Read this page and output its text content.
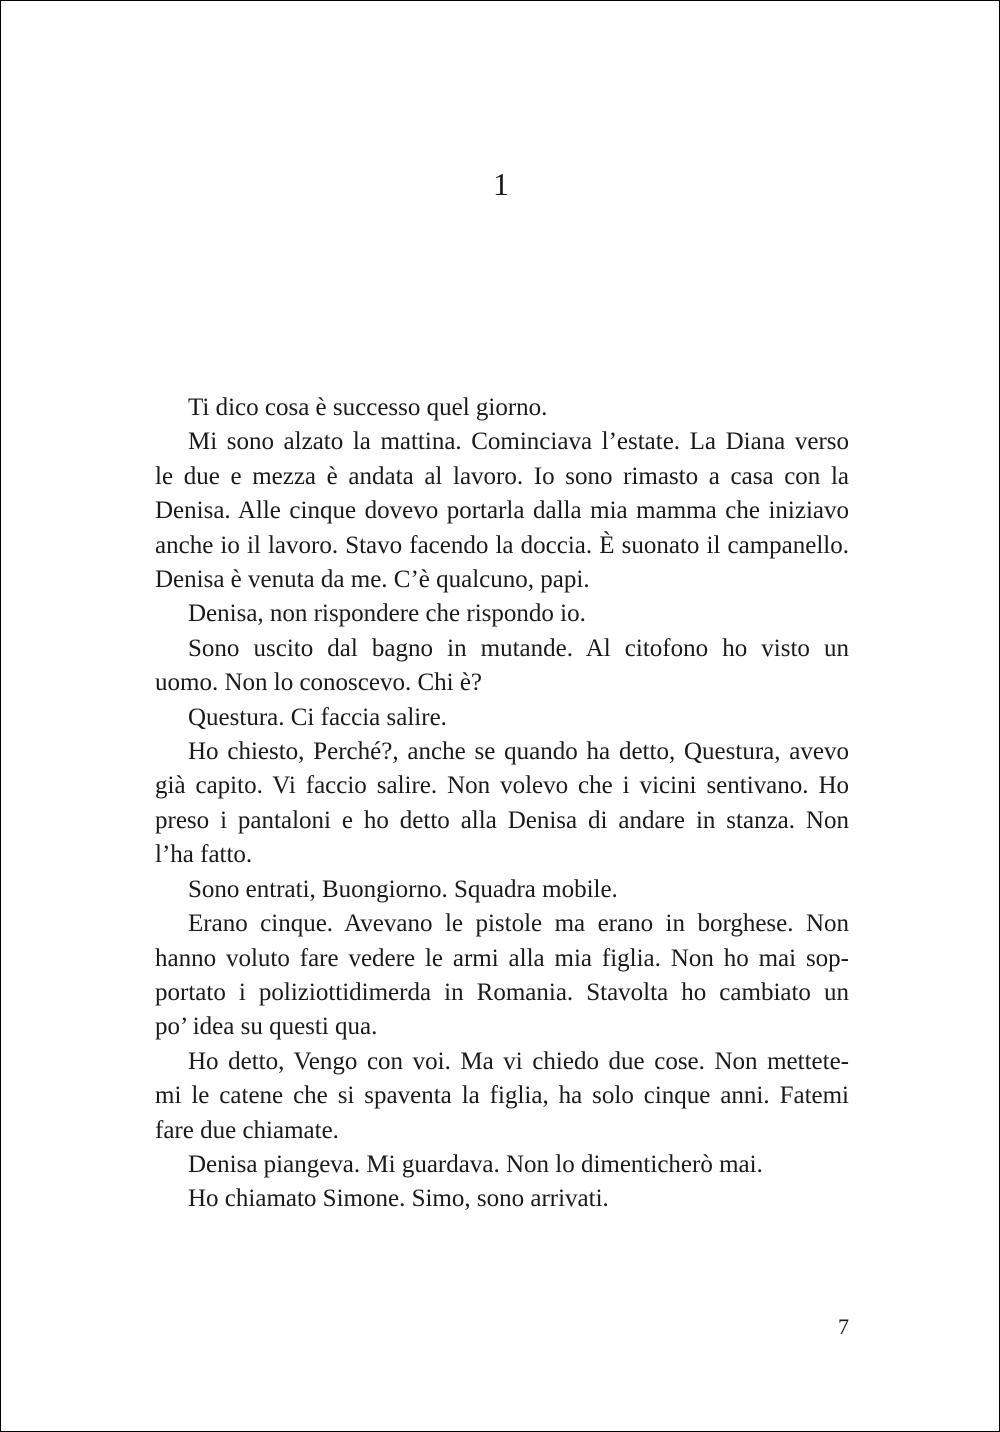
1

Ti dico cosa è successo quel giorno.

Mi sono alzato la mattina. Cominciava l’estate. La Diana verso
le due e mezza è andata al lavoro. Io sono rimasto a casa con la
Denisa. Alle cinque dovevo portarla dalla mia mamma che iniziavo
anche io il lavoro. Stavo facendo la doccia. È suonato il campanello.
Denisa è venuta da me. C’è qualcuno, papi.

Denisa, non rispondere che rispondo io.

Sono uscito dal bagno in mutande. Al citofono ho visto un
uomo. Non lo conoscevo. Chi è?

Questura. Ci faccia salire.

Ho chiesto, Perché?, anche se quando ha detto, Questura, avevo
già capito. Vi faccio salire. Non volevo che i vicini sentivano. Ho
preso i pantaloni e ho detto alla Denisa di andare in stanza. Non
l’ha fatto.

Sono entrati, Buongiorno. Squadra mobile.

Erano cinque. Avevano le pistole ma erano in borghese. Non
hanno voluto fare vedere le armi alla mia figlia. Non ho mai sop-
portato i poliziottidimerda in Romania. Stavolta ho cambiato un
po’ idea su questi qua.

Ho detto, Vengo con voi. Ma vi chiedo due cose. Non mettete-
mi le catene che si spaventa la figlia, ha solo cinque anni. Fatemi
fare due chiamate.

Denisa piangeva. Mi guardava. Non lo dimenticherò mai.

Ho chiamato Simone. Simo, sono arrivati.

7
